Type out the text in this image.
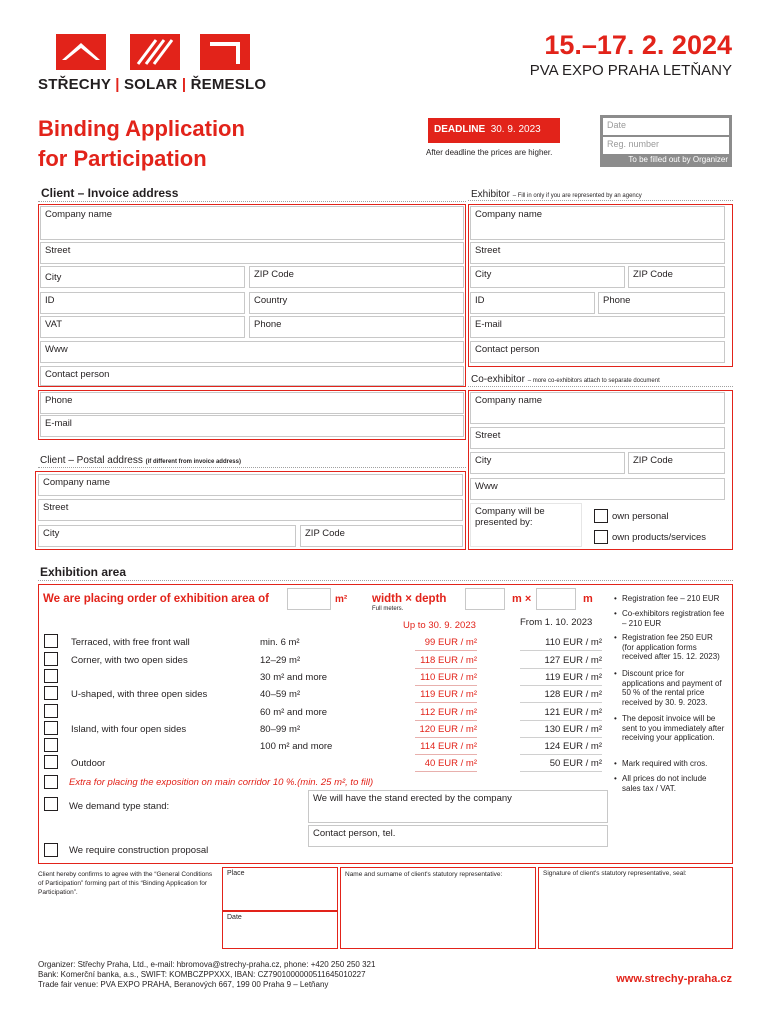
STŘECHY | SOLAR | ŘEMESLO
15.–17. 2. 2024
PVA EXPO PRAHA LETŇANY
Binding Application
for Participation
DEADLINE 30. 9. 2023
After deadline the prices are higher.
Date
Reg. number
To be filled out by Organizer
Client – Invoice address
Company name
Street
City	ZIP Code
ID	Country
VAT	Phone
Www
Contact person
Phone
E-mail
Client – Postal address (if different from invoice address)
Company name
Street
City	ZIP Code
Exhibitor – Fill in only if you are represented by an agency
Company name
Street
City	ZIP Code
ID	Phone
E-mail
Contact person
Co-exhibitor – more co-exhibitors attach to separate document
Company name
Street
City	ZIP Code
Www
Company will be presented by:
own personal
own products/services
Exhibition area
We are placing order of exhibition area of	m² width × depth
Full meters.
m ×	m
Up to 30. 9. 2023	From 1. 10. 2023
Terraced, with free front wall	min. 6 m²	99 EUR / m²	110 EUR / m²
Corner, with two open sides	12–29 m²	118 EUR / m²	127 EUR / m²
30 m² and more	110 EUR / m²	119 EUR / m²
U-shaped, with three open sides	40–59 m²	119 EUR / m²	128 EUR / m²
60 m² and more	112 EUR / m²	121 EUR / m²
Island, with four open sides	80–99 m²	120 EUR / m²	130 EUR / m²
100 m² and more	114 EUR / m²	124 EUR / m²
Outdoor	40 EUR / m²	50 EUR / m²
Extra for placing the exposition on main corridor 10 %.(min. 25 m², to fill)
We demand type stand:
We will have the stand erected by the company
Contact person, tel.
We require construction proposal
• Registration fee – 210 EUR
• Co-exhibitors registration fee – 210 EUR
• Registration fee 250 EUR (for application forms received after 15. 12. 2023)
• Discount price for applications and payment of 50 % of the rental price received by 30. 9. 2023.
• The deposit invoice will be sent to you immediately after receiving your application.
• Mark required with cros.
• All prices do not include sales tax / VAT.
Client hereby confirms to agree with the “General Conditions of Participation” forming part of this “Binding Application for Participation”.
Place
Date
Name and surname of client's statutory representative:	Signature of client's statutory representative, seal:
Organizer: Střechy Praha, Ltd., e-mail: hbromova@strechy-praha.cz, phone: +420 250 250 321
Bank: Komerční banka, a.s., SWIFT: KOMBCZPPXXX, IBAN: CZ7901000000511645010227
Trade fair venue: PVA EXPO PRAHA, Beranových 667, 199 00 Praha 9 – Letňany	www.strechy-praha.cz
